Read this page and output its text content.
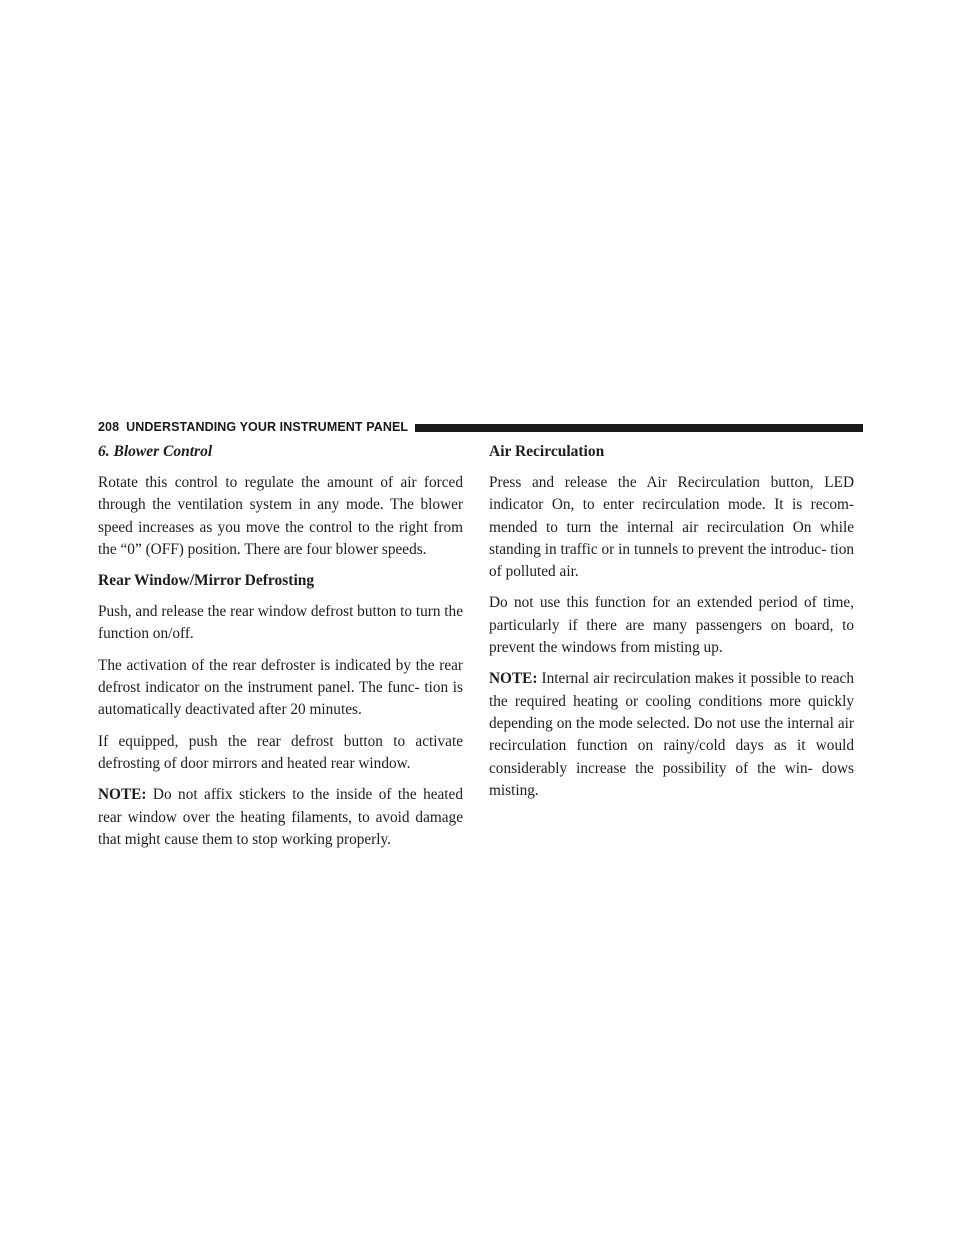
208 UNDERSTANDING YOUR INSTRUMENT PANEL
6. Blower Control

Rotate this control to regulate the amount of air forced through the ventilation system in any mode. The blower speed increases as you move the control to the right from the “0” (OFF) position. There are four blower speeds.

Rear Window/Mirror Defrosting

Push, and release the rear window defrost button to turn the function on/off.

The activation of the rear defroster is indicated by the rear defrost indicator on the instrument panel. The func- tion is automatically deactivated after 20 minutes.

If equipped, push the rear defrost button to activate defrosting of door mirrors and heated rear window.

NOTE: Do not affix stickers to the inside of the heated rear window over the heating filaments, to avoid damage that might cause them to stop working properly.

Air Recirculation

Press and release the Air Recirculation button, LED indicator On, to enter recirculation mode. It is recom- mended to turn the internal air recirculation On while standing in traffic or in tunnels to prevent the introduc- tion of polluted air.

Do not use this function for an extended period of time, particularly if there are many passengers on board, to prevent the windows from misting up.

NOTE: Internal air recirculation makes it possible to reach the required heating or cooling conditions more quickly depending on the mode selected. Do not use the internal air recirculation function on rainy/cold days as it would considerably increase the possibility of the win- dows misting.
